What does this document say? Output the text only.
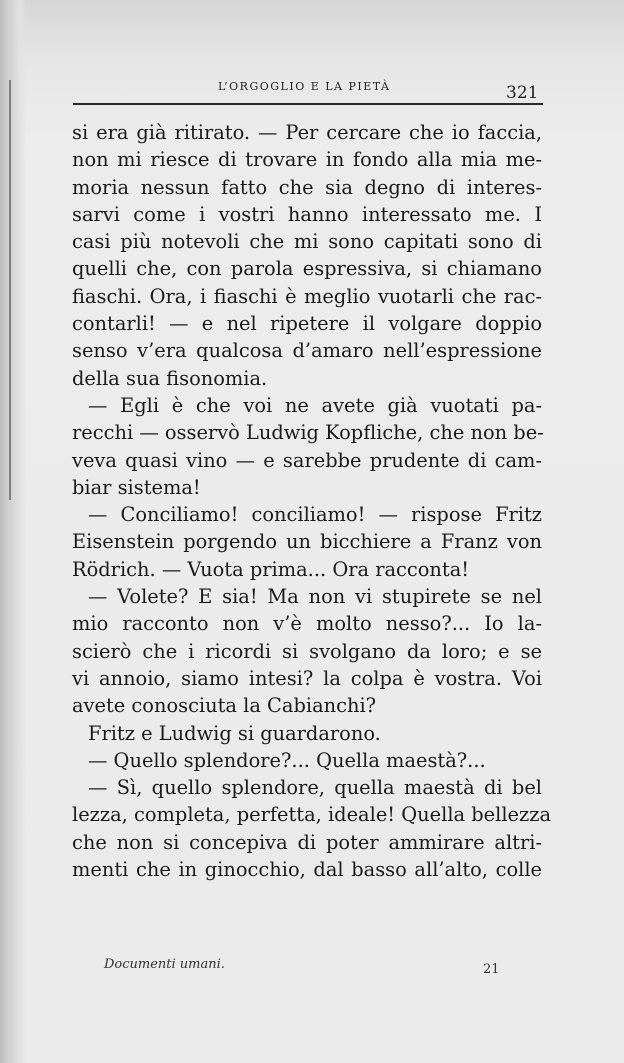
L’ORGOGLIO E LA PIETÀ	321
si era già ritirato. — Per cercare che io faccia,
non mi riesce di trovare in fondo alla mia me-
moria nessun fatto che sia degno di interes-
sarvi come i vostri hanno interessato me. I
casi più notevoli che mi sono capitati sono di
quelli che, con parola espressiva, si chiamano
fiaschi. Ora, i fiaschi è meglio vuotarli che rac-
contarli! — e nel ripetere il volgare doppio
senso v’era qualcosa d’amaro nell’espressione
della sua fisonomia.
— Egli è che voi ne avete già vuotati pa-
recchi — osservò Ludwig Kopfliche, che non be-
veva quasi vino — e sarebbe prudente di cam-
biar sistema!
— Conciliamo! conciliamo! — rispose Fritz
Eisenstein porgendo un bicchiere a Franz von
Rödrich. — Vuota prima... Ora racconta!
— Volete? E sia! Ma non vi stupirete se nel
mio racconto non v’è molto nesso?... Io la-
scierò che i ricordi si svolgano da loro; e se
vi annoio, siamo intesi? la colpa è vostra. Voi
avete conosciuta la Cabianchi?
Fritz e Ludwig si guardarono.
— Quello splendore?... Quella maestà?...
— Sì, quello splendore, quella maestà di bel
lezza, completa, perfetta, ideale! Quella bellezza
che non si concepiva di poter ammirare altri-
menti che in ginocchio, dal basso all’alto, colle
Documenti umani.	21
